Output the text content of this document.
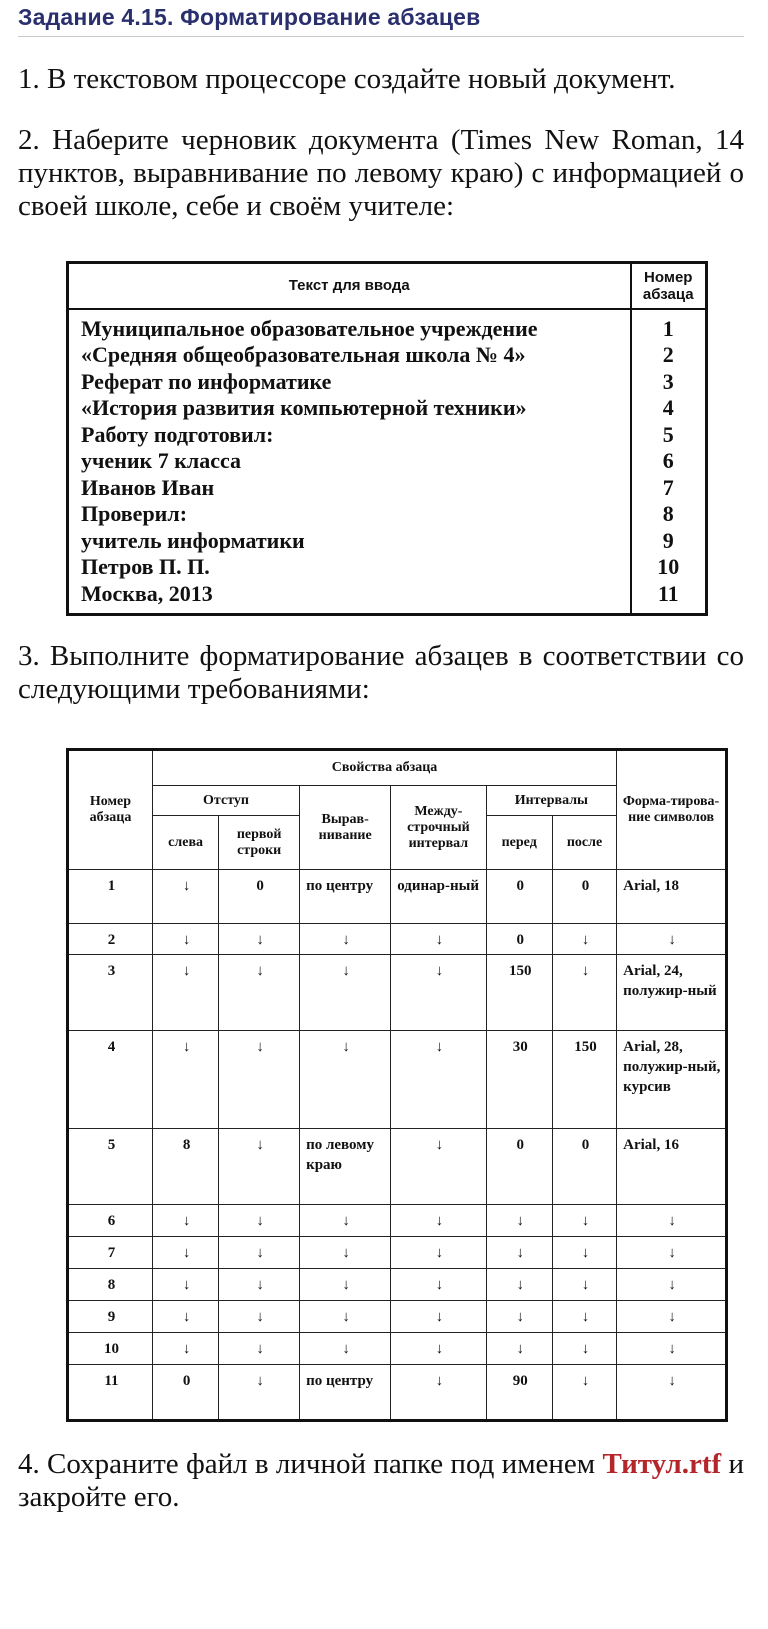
Задание 4.15. Форматирование абзацев

1. В текстовом процессоре создайте новый документ.

2. Наберите черновик документа (Times New Roman, 14 пунктов, выравнивание по левому краю) с информацией о своей школе, себе и своём учителе:

Текст для ввода	Номер абзаца
Муниципальное образовательное учреждение	1
«Средняя общеобразовательная школа № 4»	2
Реферат по информатике	3
«История развития компьютерной техники»	4
Работу подготовил:	5
ученик 7 класса	6
Иванов Иван	7
Проверил:	8
учитель информатики	9
Петров П. П.	10
Москва, 2013	11

3. Выполните форматирование абзацев в соответствии со следующими требованиями:

Номер абзаца	Свойства абзаца						Форма-тирова-ние символов
	Отступ		Вырав-нивание	Между-строчный интервал	Интервалы		
	слева	первой строки			перед	после	
1	↓	0	по центру	одинар-ный	0	0	Arial, 18
2	↓	↓	↓	↓	0	↓	↓
3	↓	↓	↓	↓	150	↓	Arial, 24, полужир-ный
4	↓	↓	↓	↓	30	150	Arial, 28, полужир-ный, курсив
5	8	↓	по левому краю	↓	0	0	Arial, 16
6	↓	↓	↓	↓	↓	↓	↓
7	↓	↓	↓	↓	↓	↓	↓
8	↓	↓	↓	↓	↓	↓	↓
9	↓	↓	↓	↓	↓	↓	↓
10	↓	↓	↓	↓	↓	↓	↓
11	0	↓	по центру	↓	90	↓	↓

4. Сохраните файл в личной папке под именем Титул.rtf и закройте его.
